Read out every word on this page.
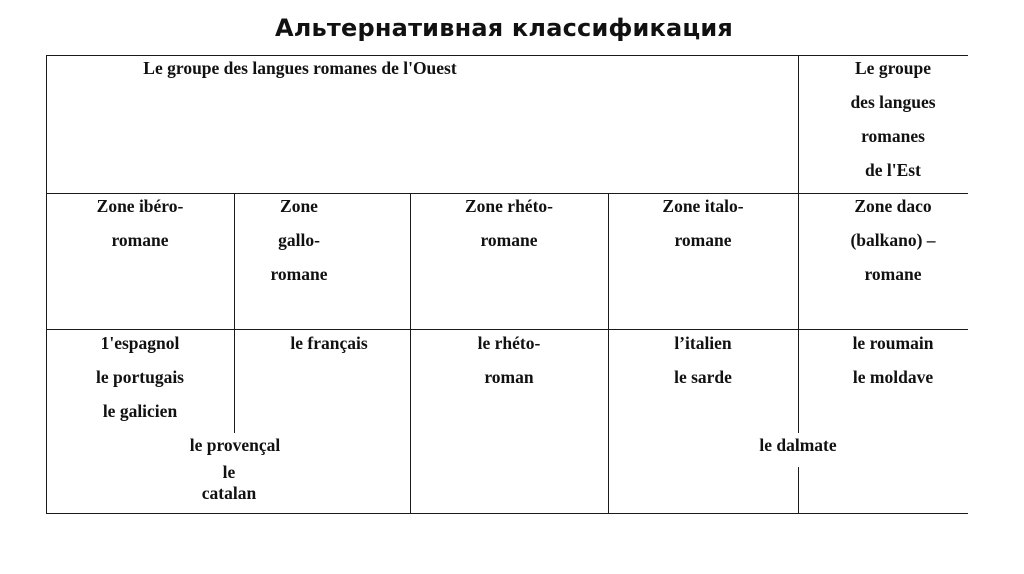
Альтернативная классификация
Le groupe des langues romanes de l'Ouest	Le groupe
des langues
romanes
de l'Est
Zone ibéro-
romane
Zone
gallo-
romane
Zone rhéto-
romane
Zone italo-
romane
Zone daco
(balkano) –
romane
1'espagnol
le portugais
le galicien
le français	le rhéto-
roman
l’italien
le sarde
le roumain
le moldave
le provençal
le
catalan
le dalmate
